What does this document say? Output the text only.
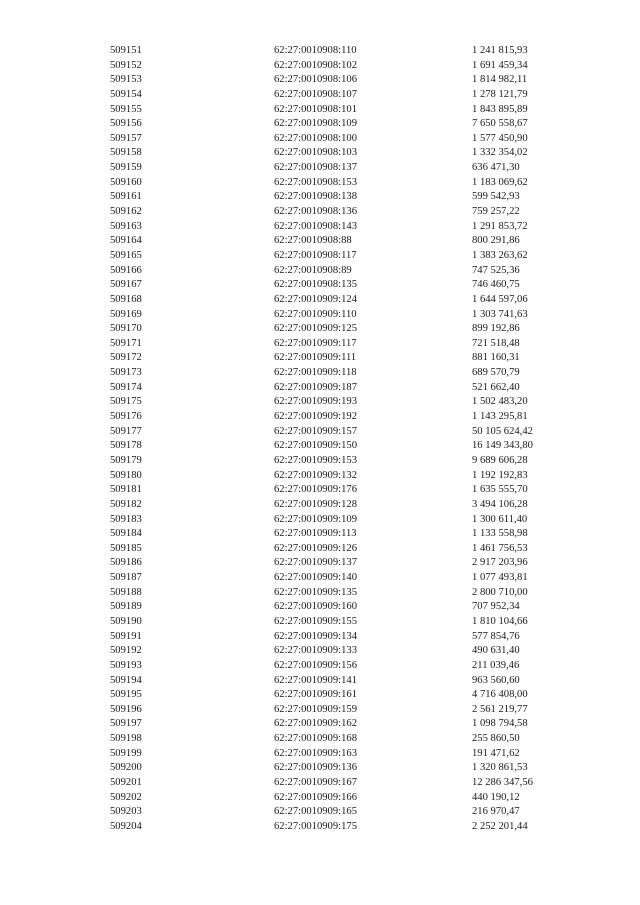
509151	62:27:0010908:110	1 241 815,93
509152	62:27:0010908:102	1 691 459,34
509153	62:27:0010908:106	1 814 982,11
509154	62:27:0010908:107	1 278 121,79
509155	62:27:0010908:101	1 843 895,89
509156	62:27:0010908:109	7 650 558,67
509157	62:27:0010908:100	1 577 450,90
509158	62:27:0010908:103	1 332 354,02
509159	62:27:0010908:137	636 471,30
509160	62:27:0010908:153	1 183 069,62
509161	62:27:0010908:138	599 542,93
509162	62:27:0010908:136	759 257,22
509163	62:27:0010908:143	1 291 853,72
509164	62:27:0010908:88	800 291,86
509165	62:27:0010908:117	1 383 263,62
509166	62:27:0010908:89	747 525,36
509167	62:27:0010908:135	746 460,75
509168	62:27:0010909:124	1 644 597,06
509169	62:27:0010909:110	1 303 741,63
509170	62:27:0010909:125	899 192,86
509171	62:27:0010909:117	721 518,48
509172	62:27:0010909:111	881 160,31
509173	62:27:0010909:118	689 570,79
509174	62:27:0010909:187	521 662,40
509175	62:27:0010909:193	1 502 483,20
509176	62:27:0010909:192	1 143 295,81
509177	62:27:0010909:157	50 105 624,42
509178	62:27:0010909:150	16 149 343,80
509179	62:27:0010909:153	9 689 606,28
509180	62:27:0010909:132	1 192 192,83
509181	62:27:0010909:176	1 635 555,70
509182	62:27:0010909:128	3 494 106,28
509183	62:27:0010909:109	1 300 611,40
509184	62:27:0010909:113	1 133 558,98
509185	62:27:0010909:126	1 461 756,53
509186	62:27:0010909:137	2 917 203,96
509187	62:27:0010909:140	1 077 493,81
509188	62:27:0010909:135	2 800 710,00
509189	62:27:0010909:160	707 952,34
509190	62:27:0010909:155	1 810 104,66
509191	62:27:0010909:134	577 854,76
509192	62:27:0010909:133	490 631,40
509193	62:27:0010909:156	211 039,46
509194	62:27:0010909:141	963 560,60
509195	62:27:0010909:161	4 716 408,00
509196	62:27:0010909:159	2 561 219,77
509197	62:27:0010909:162	1 098 794,58
509198	62:27:0010909:168	255 860,50
509199	62:27:0010909:163	191 471,62
509200	62:27:0010909:136	1 320 861,53
509201	62:27:0010909:167	12 286 347,56
509202	62:27:0010909:166	440 190,12
509203	62:27:0010909:165	216 970,47
509204	62:27:0010909:175	2 252 201,44
